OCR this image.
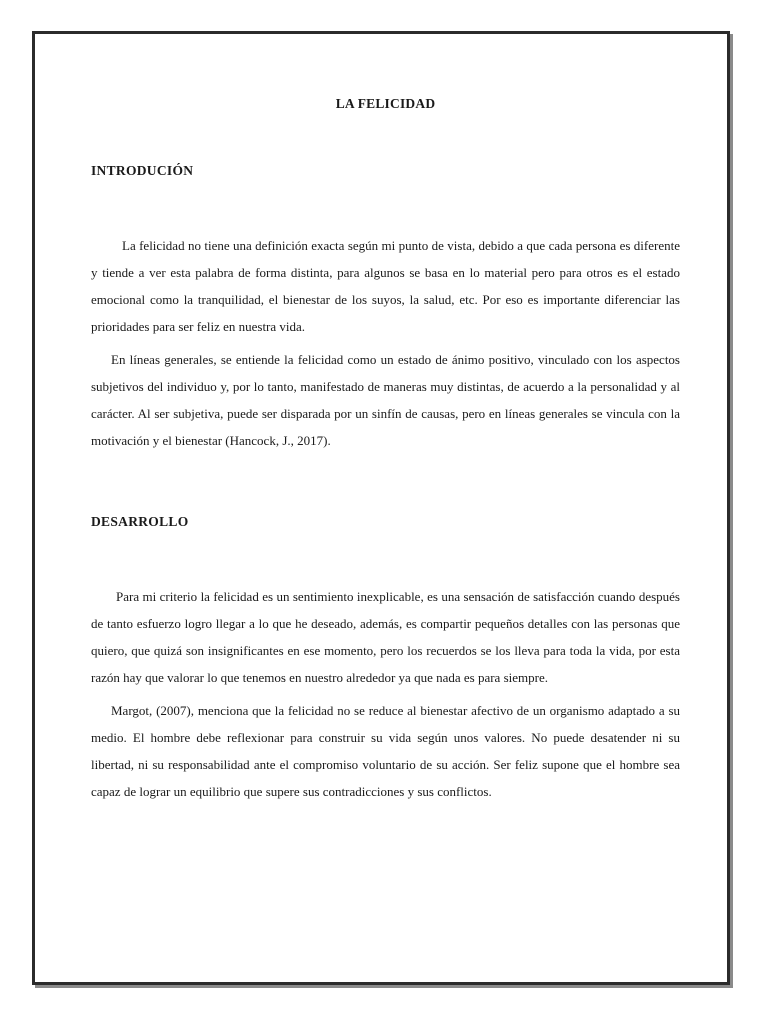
LA FELICIDAD
INTRODUCIÓN

La felicidad no tiene una definición exacta según mi punto de vista, debido a que cada persona es diferente y tiende a ver esta palabra de forma distinta, para algunos se basa en lo material pero para otros es el estado emocional como la tranquilidad, el bienestar de los suyos, la salud, etc. Por eso es importante diferenciar las prioridades para ser feliz en nuestra vida.

En líneas generales, se entiende la felicidad como un estado de ánimo positivo, vinculado con los aspectos subjetivos del individuo y, por lo tanto, manifestado de maneras muy distintas, de acuerdo a la personalidad y al carácter. Al ser subjetiva, puede ser disparada por un sinfín de causas, pero en líneas generales se vincula con la motivación y el bienestar (Hancock, J., 2017).

DESARROLLO

Para mi criterio la felicidad es un sentimiento inexplicable, es una sensación de satisfacción cuando después de tanto esfuerzo logro llegar a lo que he deseado, además, es compartir pequeños detalles con las personas que quiero, que quizá son insignificantes en ese momento, pero los recuerdos se los lleva para toda la vida, por esta razón hay que valorar lo que tenemos en nuestro alrededor ya que nada es para siempre.

Margot, (2007), menciona que la felicidad no se reduce al bienestar afectivo de un organismo adaptado a su medio. El hombre debe reflexionar para construir su vida según unos valores. No puede desatender ni su libertad, ni su responsabilidad ante el compromiso voluntario de su acción. Ser feliz supone que el hombre sea capaz de lograr un equilibrio que supere sus contradicciones y sus conflictos.
